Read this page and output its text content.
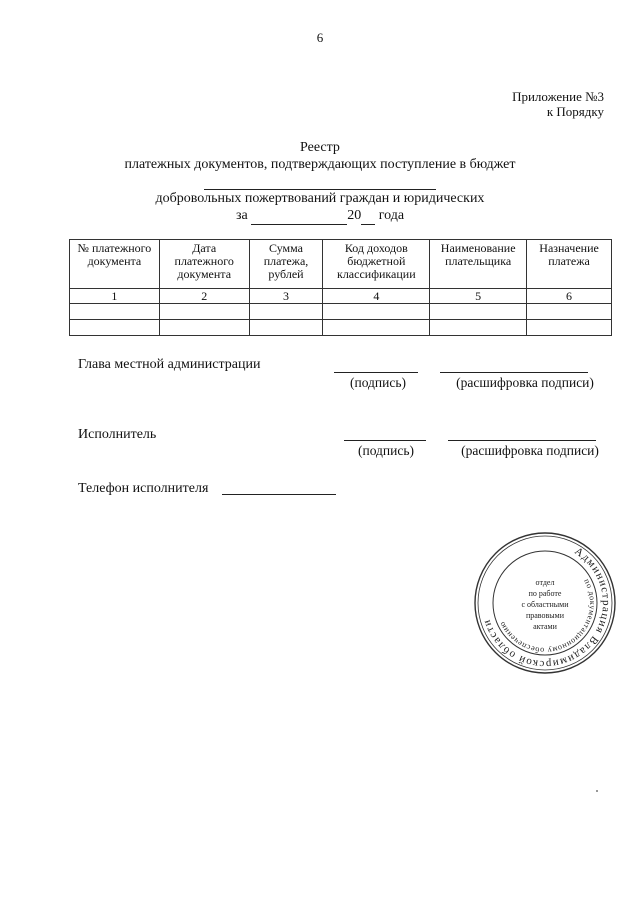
6
Приложение №3
к Порядку
Реестр
платежных документов, подтверждающих поступление в бюджет
добровольных пожертвований граждан и юридических
за	20 года
№ платежного документа	Дата платежного документа	Сумма платежа, рублей	Код доходов бюджетной классификации	Наименование плательщика	Назначение платежа
1	2	3	4	5	6

Глава местной администрации
(подпись)	(расшифровка подписи)
Исполнитель
(подпись)	(расшифровка подписи)
Телефон исполнителя
Администрация Владимирской области
по документационному обеспечению
отдел
по работе
с областными
правовыми
актами
